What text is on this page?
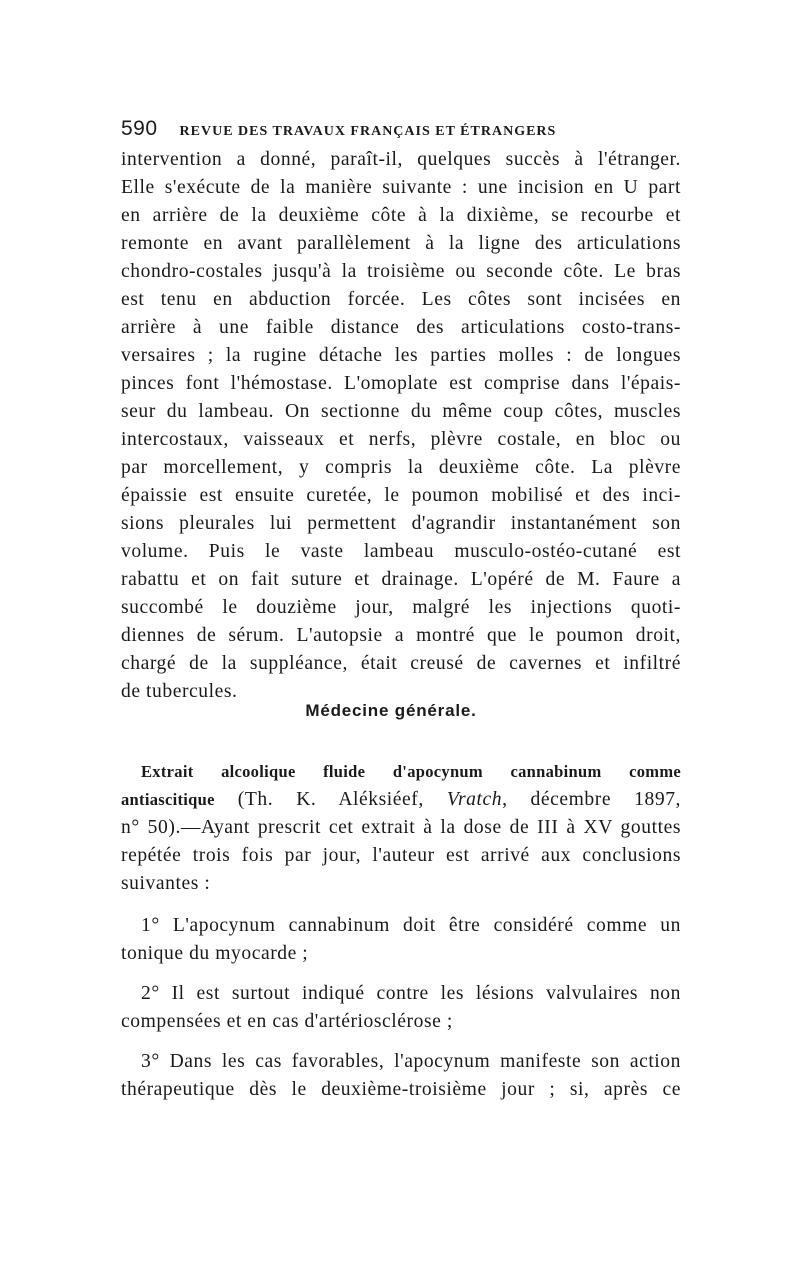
590 REVUE DES TRAVAUX FRANÇAIS ET ÉTRANGERS
intervention a donné, paraît-il, quelques succès à l'étranger.
Elle s'exécute de la manière suivante : une incision en U part
en arrière de la deuxième côte à la dixième, se recourbe et
remonte en avant parallèlement à la ligne des articulations
chondro-costales jusqu'à la troisième ou seconde côte. Le bras
est tenu en abduction forcée. Les côtes sont incisées en
arrière à une faible distance des articulations costo-trans-
versaires ; la rugine détache les parties molles : de longues
pinces font l'hémostase. L'omoplate est comprise dans l'épais-
seur du lambeau. On sectionne du même coup côtes, muscles
intercostaux, vaisseaux et nerfs, plèvre costale, en bloc ou
par morcellement, y compris la deuxième côte. La plèvre
épaissie est ensuite curetée, le poumon mobilisé et des inci-
sions pleurales lui permettent d'agrandir instantanément son
volume. Puis le vaste lambeau musculo-ostéo-cutané est
rabattu et on fait suture et drainage. L'opéré de M. Faure a
succombé le douzième jour, malgré les injections quoti-
diennes de sérum. L'autopsie a montré que le poumon droit,
chargé de la suppléance, était creusé de cavernes et infiltré
de tubercules.
Médecine générale.
Extrait alcoolique fluide d'apocynum cannabinum comme
antiascitique (Th. K. Aléksiéef, Vratch, décembre 1897,
n° 50).—Ayant prescrit cet extrait à la dose de III à XV gouttes
repétée trois fois par jour, l'auteur est arrivé aux conclusions
suivantes :
1° L'apocynum cannabinum doit être considéré comme un
tonique du myocarde ;
2° Il est surtout indiqué contre les lésions valvulaires non
compensées et en cas d'artériosclérose ;
3° Dans les cas favorables, l'apocynum manifeste son action
thérapeutique dès le deuxième-troisième jour ; si, après ce
